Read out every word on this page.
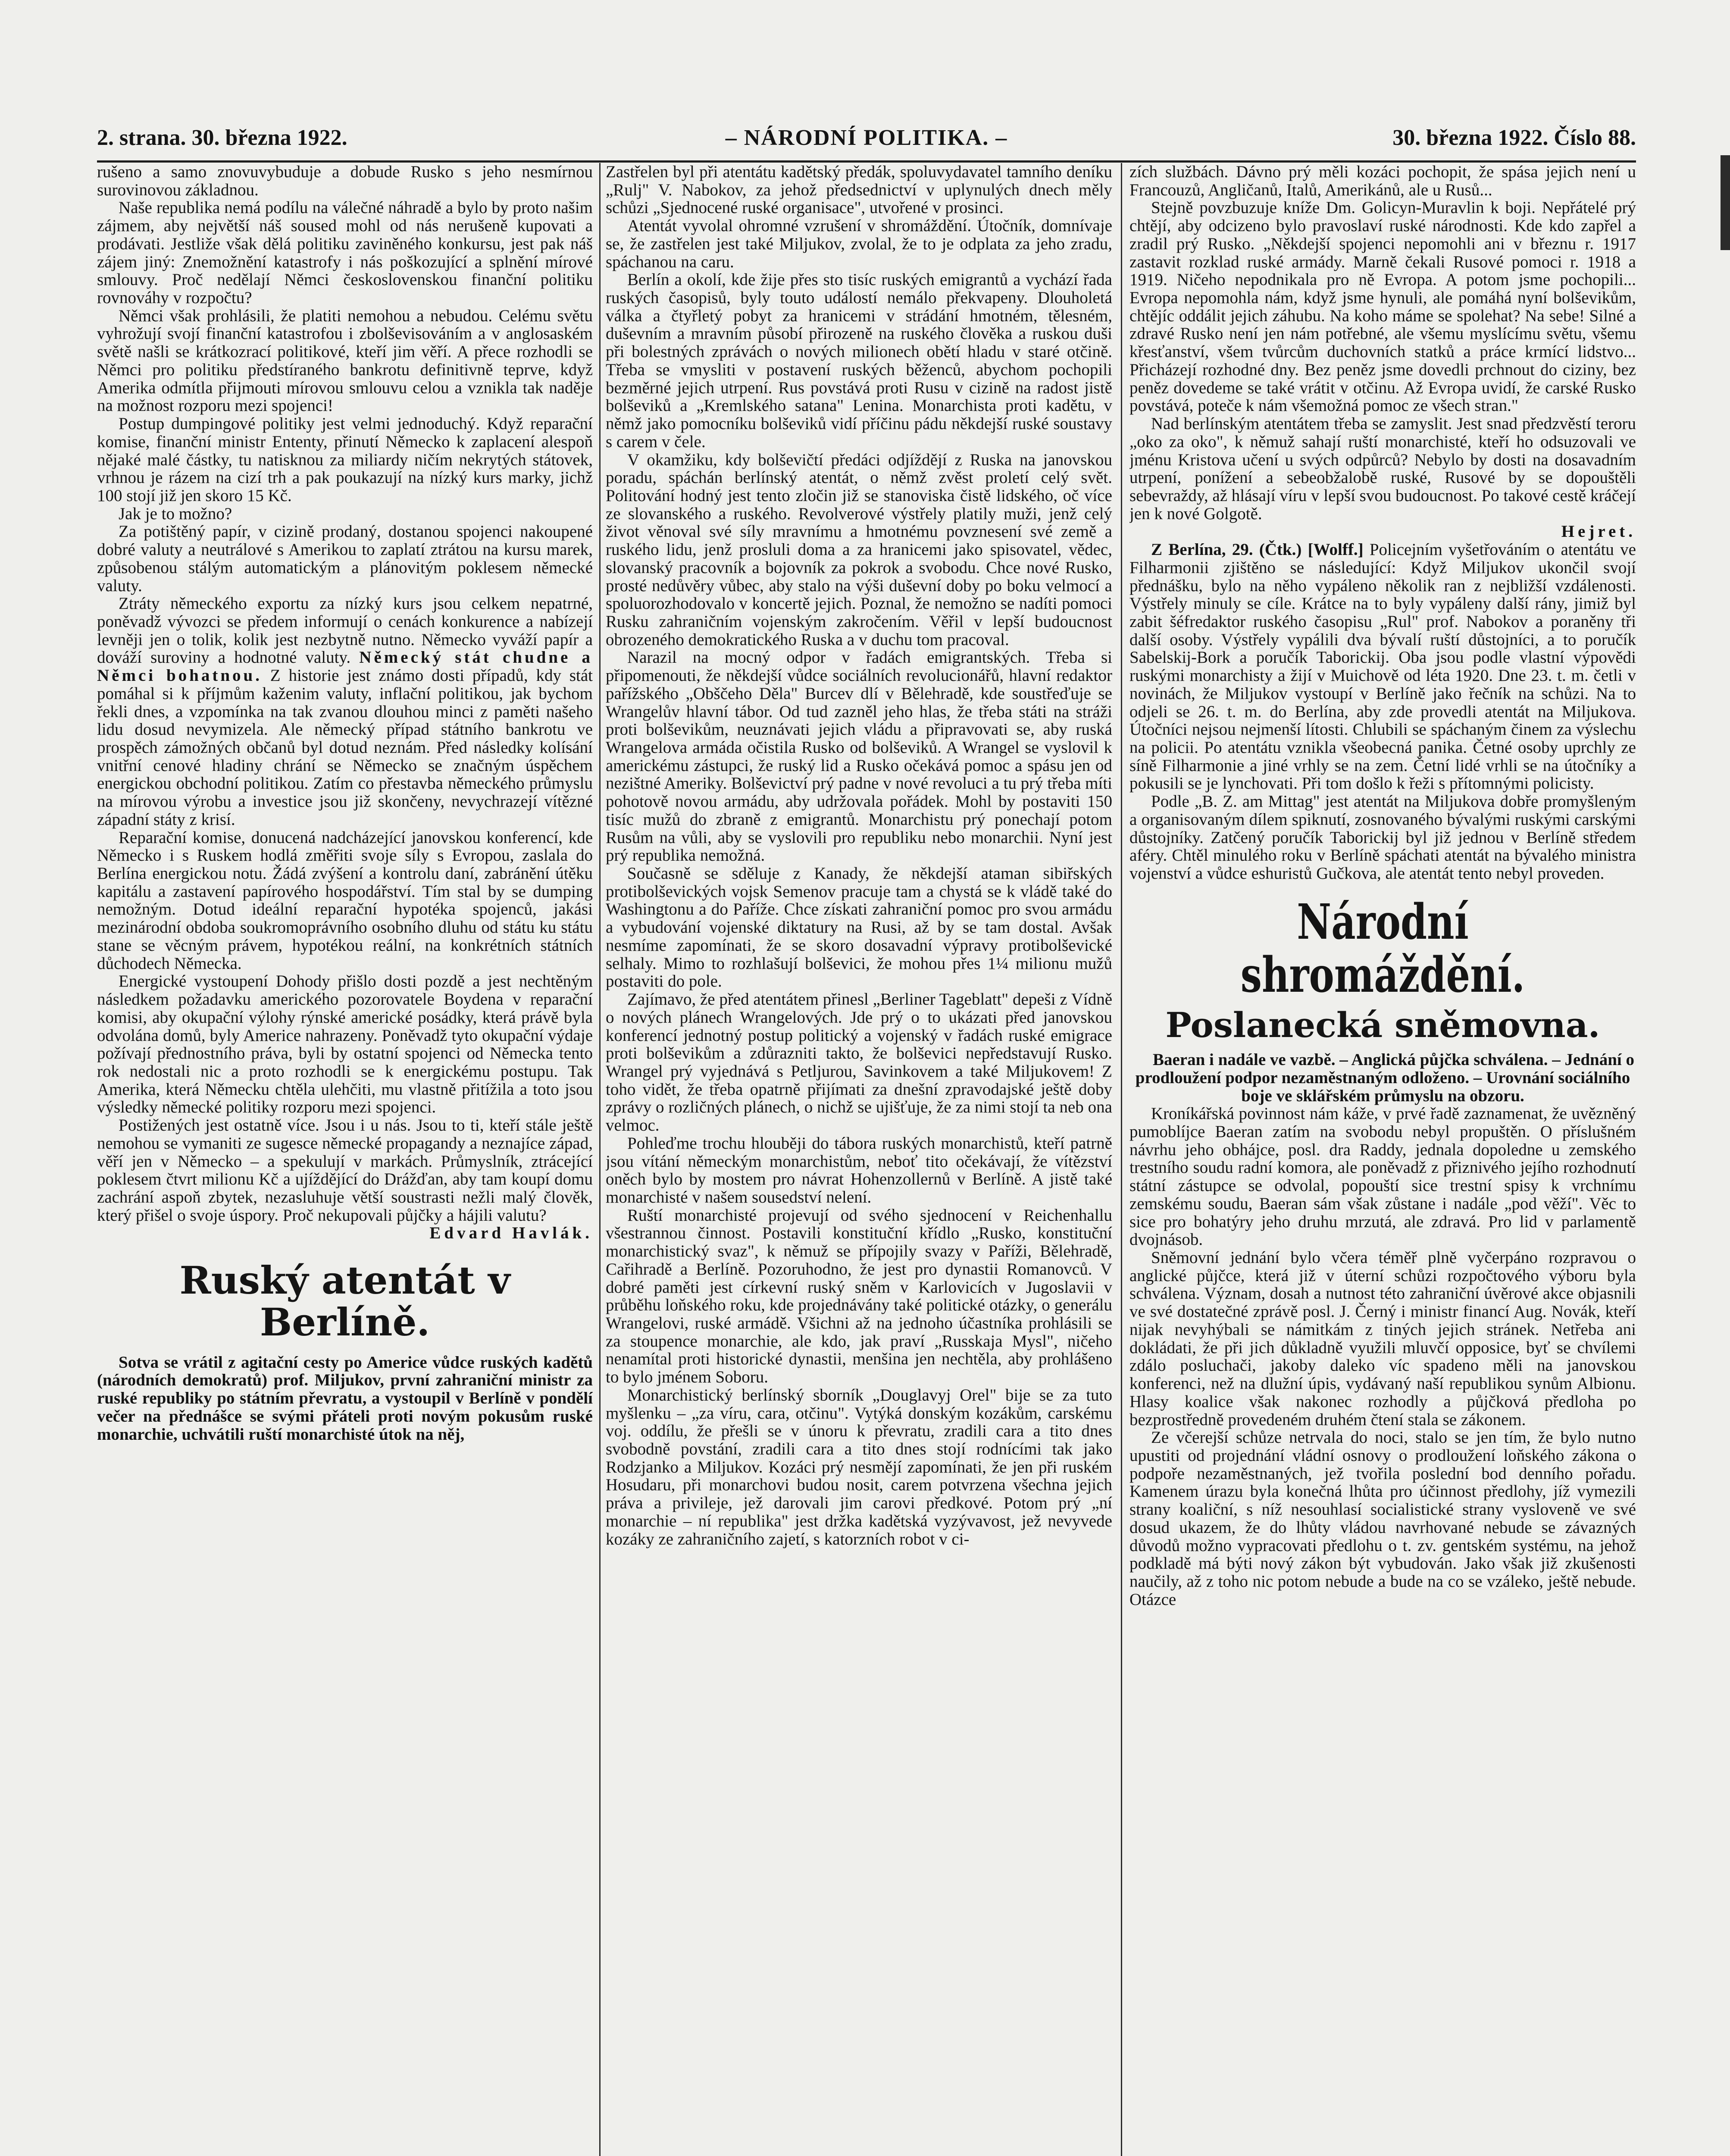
2. strana. 30. března 1922.	– NÁRODNÍ POLITIKA. –	30. března 1922. Číslo 88.

rušeno a samo znovuvybuduje a dobude Rusko s jeho nesmírnou surovinovou základnou.

Naše republika nemá podílu na válečné náhradě a bylo by proto našim zájmem, aby největší náš soused mohl od nás nerušeně kupovati a prodávati. Jestliže však dělá politiku zaviněného konkursu, jest pak náš zájem jiný: Znemožnění katastrofy i nás poškozující a splnění mírové smlouvy. Proč nedělají Němci československou finanční politiku rovnováhy v rozpočtu?

Němci však prohlásili, že platiti nemohou a nebudou. Celému světu vyhrožují svojí finanční katastrofou i zbolševisováním a v anglosaském světě našli se krátkozrací politikové, kteří jim věří. A přece rozhodli se Němci pro politiku předstíraného bankrotu definitivně teprve, když Amerika odmítla přijmouti mírovou smlouvu celou a vznikla tak naděje na možnost rozporu mezi spojenci!

Postup dumpingové politiky jest velmi jednoduchý. Když reparační komise, finanční ministr Ententy, přinutí Německo k zaplacení alespoň nějaké malé částky, tu natisknou za miliardy ničím nekrytých státovek, vrhnou je rázem na cizí trh a pak poukazují na nízký kurs marky, jichž 100 stojí již jen skoro 15 Kč.

Jak je to možno?

Za potištěný papír, v cizině prodaný, dostanou spojenci nakoupené dobré valuty a neutrálové s Amerikou to zaplatí ztrátou na kursu marek, způsobenou stálým automatickým a plánovitým poklesem německé valuty.

Ztráty německého exportu za nízký kurs jsou celkem nepatrné, poněvadž vývozci se předem informují o cenách konkurence a nabízejí levněji jen o tolik, kolik jest nezbytně nutno. Německo vyváží papír a dováží suroviny a hodnotné valuty. Německý stát chudne a Němci bohatnou. Z historie jest známo dosti případů, kdy stát pomáhal si k příjmům kaženim valuty, inflační politikou, jak bychom řekli dnes, a vzpomínka na tak zvanou dlouhou minci z paměti našeho lidu dosud nevymizela. Ale německý případ státního bankrotu ve prospěch zámožných občanů byl dotud neznám. Před následky kolísání vnitřní cenové hladiny chrání se Německo se značným úspěchem energickou obchodní politikou. Zatím co přestavba německého průmyslu na mírovou výrobu a investice jsou již skončeny, nevychrazejí vítězné západní státy z krisí.

Reparační komise, donucená nadcházející janovskou konferencí, kde Německo i s Ruskem hodlá změřiti svoje síly s Evropou, zaslala do Berlína energickou notu. Žádá zvýšení a kontrolu daní, zabránění útěku kapitálu a zastavení papírového hospodářství. Tím stal by se dumping nemožným. Dotud ideální reparační hypotéka spojenců, jakási mezinárodní obdoba soukromoprávního osobního dluhu od státu ku státu stane se věcným právem, hypotékou reální, na konkrétních státních důchodech Německa.

Energické vystoupení Dohody přišlo dosti pozdě a jest nechtěným následkem požadavku amerického pozorovatele Boydena v reparační komisi, aby okupační výlohy rýnské americké posádky, která právě byla odvolána domů, byly Americe nahrazeny. Poněvadž tyto okupační výdaje požívají přednostního práva, byli by ostatní spojenci od Německa tento rok nedostali nic a proto rozhodli se k energickému postupu. Tak Amerika, která Německu chtěla ulehčiti, mu vlastně přitížila a toto jsou výsledky německé politiky rozporu mezi spojenci.

Postižených jest ostatně více. Jsou i u nás. Jsou to ti, kteří stále ještě nemohou se vymaniti ze sugesce německé propagandy a neznajíce západ, věří jen v Německo – a spekulují v markách. Průmyslník, ztrácející poklesem čtvrt milionu Kč a ujíždějící do Drážďan, aby tam koupí domu zachrání aspoň zbytek, nezasluhuje větší soustrasti nežli malý člověk, který přišel o svoje úspory. Proč nekupovali půjčky a hájili valutu?

Edvard Havlák.

Ruský atentát v Berlíně.

Sotva se vrátil z agitační cesty po Americe vůdce ruských kadětů (národních demokratů) prof. Miljukov, první zahraniční ministr za ruské republiky po státním převratu, a vystoupil v Berlíně v pondělí večer na přednášce se svými přáteli proti novým pokusům ruské monarchie, uchvátili ruští monarchisté útok na něj,

Zastřelen byl při atentátu kadětský předák, spoluvydavatel tamního deníku „Rulj" V. Nabokov, za jehož předsednictví v uplynulých dnech měly schůzi „Sjednocené ruské organisace", utvořené v prosinci.

Atentát vyvolal ohromné vzrušení v shromáždění. Útočník, domnívaje se, že zastřelen jest také Miljukov, zvolal, že to je odplata za jeho zradu, spáchanou na caru.

Berlín a okolí, kde žije přes sto tisíc ruských emigrantů a vychází řada ruských časopisů, byly touto událostí nemálo překvapeny. Dlouholetá válka a čtyřletý pobyt za hranicemi v strádání hmotném, tělesném, duševním a mravním působí přirozeně na ruského člověka a ruskou duši při bolestných zprávách o nových milionech obětí hladu v staré otčině. Třeba se vmysliti v postavení ruských běženců, abychom pochopili bezměrné jejich utrpení. Rus povstává proti Rusu v cizině na radost jistě bolševiků a „Kremlského satana" Lenina. Monarchista proti kadětu, v němž jako pomocníku bolševiků vidí příčinu pádu někdejší ruské soustavy s carem v čele.

V okamžiku, kdy bolševičtí předáci odjíždějí z Ruska na janovskou poradu, spáchán berlínský atentát, o němž zvěst proletí celý svět. Politování hodný jest tento zločin již se stanoviska čistě lidského, oč více ze slovanského a ruského. Revolverové výstřely platily muži, jenž celý život věnoval své síly mravnímu a hmotnému povznesení své země a ruského lidu, jenž prosluli doma a za hranicemi jako spisovatel, vědec, slovanský pracovník a bojovník za pokrok a svobodu. Chce nové Rusko, prosté nedůvěry vůbec, aby stalo na výši duševní doby po boku velmocí a spoluorozhodovalo v koncertě jejich. Poznal, že nemožno se nadíti pomoci Rusku zahraničním vojenským zakročením. Věřil v lepší budoucnost obrozeného demokratického Ruska a v duchu tom pracoval.

Narazil na mocný odpor v řadách emigrantských. Třeba si připomenouti, že někdejší vůdce sociálních revolucionářů, hlavní redaktor pařížského „Obščeho Děla" Burcev dlí v Bělehradě, kde soustřeďuje se Wrangelův hlavní tábor. Od tud zazněl jeho hlas, že třeba státi na stráži proti bolševikům, neuznávati jejich vládu a připravovati se, aby ruská Wrangelova armáda očistila Rusko od bolševiků. A Wrangel se vyslovil k americkému zástupci, že ruský lid a Rusko očekává pomoc a spásu jen od nezištné Ameriky. Bolševictví prý padne v nové revoluci a tu prý třeba míti pohotově novou armádu, aby udržovala pořádek. Mohl by postaviti 150 tisíc mužů do zbraně z emigrantů. Monarchistu prý ponechají potom Rusům na vůli, aby se vyslovili pro republiku nebo monarchii. Nyní jest prý republika nemožná.

Současně se sděluje z Kanady, že někdejší ataman sibiřských protibolševických vojsk Semenov pracuje tam a chystá se k vládě také do Washingtonu a do Paříže. Chce získati zahraniční pomoc pro svou armádu a vybudování vojenské diktatury na Rusi, až by se tam dostal. Avšak nesmíme zapomínati, že se skoro dosavadní výpravy protibolševické selhaly. Mimo to rozhlašují bolševici, že mohou přes 1¼ milionu mužů postaviti do pole.

Zajímavo, že před atentátem přinesl „Berliner Tageblatt" depeši z Vídně o nových plánech Wrangelových. Jde prý o to ukázati před janovskou konferencí jednotný postup politický a vojenský v řadách ruské emigrace proti bolševikům a zdůrazniti takto, že bolševici nepředstavují Rusko. Wrangel prý vyjednává s Petljurou, Savinkovem a také Miljukovem! Z toho vidět, že třeba opatrně přijímati za dnešní zpravodajské ještě doby zprávy o rozličných plánech, o nichž se ujišťuje, že za nimi stojí ta neb ona velmoc.

Pohleďme trochu hlouběji do tábora ruských monarchistů, kteří patrně jsou vítání německým monarchistům, neboť tito očekávají, že vítězství oněch bylo by mostem pro návrat Hohenzollernů v Berlíně. A jistě také monarchisté v našem sousedství nelení.

Ruští monarchisté projevují od svého sjednocení v Reichenhallu všestrannou činnost. Postavili konstituční křídlo „Rusko, konstituční monarchistický svaz", k němuž se přípojily svazy v Paříži, Bělehradě, Cařihradě a Berlíně. Pozoruhodno, že jest pro dynastii Romanovců. V dobré paměti jest církevní ruský sněm v Karlovicích v Jugoslavii v průběhu loňského roku, kde projednávány také politické otázky, o generálu Wrangelovi, ruské armádě. Všichni až na jednoho účastníka prohlásili se za stoupence monarchie, ale kdo, jak praví „Russkaja Mysl", ničeho nenamítal proti historické dynastii, menšina jen nechtěla, aby prohlášeno to bylo jménem Soboru.

Monarchistický berlínský sborník „Douglavyj Orel" bije se za tuto myšlenku – „za víru, cara, otčinu". Vytýká donským kozákům, carskému voj. oddílu, že přešli se v únoru k převratu, zradili cara a tito dnes svobodně povstání, zradili cara a tito dnes stojí rodnícími tak jako Rodzjanko a Miljukov. Kozáci prý nesmějí zapomínati, že jen při ruském Hosudaru, při monarchovi budou nosit, carem potvrzena všechna jejich práva a privileje, jež darovali jim carovi předkové. Potom prý „ní monarchie – ní republika" jest držka kadětská vyzývavost, jež nevyvede kozáky ze zahraničního zajetí, s katorzních robot v ci-

zích službách. Dávno prý měli kozáci pochopit, že spása jejich není u Francouzů, Angličanů, Italů, Amerikánů, ale u Rusů...

Stejně povzbuzuje kníže Dm. Golicyn-Muravlin k boji. Nepřátelé prý chtějí, aby odcizeno bylo pravoslaví ruské národnosti. Kde kdo zapřel a zradil prý Rusko. „Někdejší spojenci nepomohli ani v březnu r. 1917 zastavit rozklad ruské armády. Marně čekali Rusové pomoci r. 1918 a 1919. Ničeho nepodnikala pro ně Evropa. A potom jsme pochopili... Evropa nepomohla nám, když jsme hynuli, ale pomáhá nyní bolševikům, chtějíc oddálit jejich záhubu. Na koho máme se spolehat? Na sebe! Silné a zdravé Rusko není jen nám potřebné, ale všemu myslícímu světu, všemu křesťanství, všem tvůrcům duchovních statků a práce krmící lidstvo... Přicházejí rozhodné dny. Bez peněz jsme dovedli prchnout do ciziny, bez peněz dovedeme se také vrátit v otčinu. Až Evropa uvidí, že carské Rusko povstává, poteče k nám všemožná pomoc ze všech stran."

Nad berlínským atentátem třeba se zamyslit. Jest snad předzvěstí teroru „oko za oko", k němuž sahají ruští monarchisté, kteří ho odsuzovali ve jménu Kristova učení u svých odpůrců? Nebylo by dosti na dosavadním utrpení, ponížení a sebeobžalobě ruské, Rusové by se dopouštěli sebevraždy, až hlásají víru v lepší svou budoucnost. Po takové cestě kráčejí jen k nové Golgotě.

Hejret.

Z Berlína, 29. (Čtk.) [Wolff.] Policejním vyšetřováním o atentátu ve Filharmonii zjištěno se následující: Když Miljukov ukončil svojí přednášku, bylo na něho vypáleno několik ran z nejbližší vzdálenosti. Výstřely minuly se cíle. Krátce na to byly vypáleny další rány, jimiž byl zabit šéfredaktor ruského časopisu „Rul" prof. Nabokov a poraněny tři další osoby. Výstřely vypálili dva bývalí ruští důstojníci, a to poručík Sabelskij-Bork a poručík Taborickij. Oba jsou podle vlastní výpovědi ruskými monarchisty a žijí v Muichově od léta 1920. Dne 23. t. m. četli v novinách, že Miljukov vystoupí v Berlíně jako řečník na schůzi. Na to odjeli se 26. t. m. do Berlína, aby zde provedli atentát na Miljukova. Útočníci nejsou nejmenší lítosti. Chlubili se spáchaným činem za výslechu na policii. Po atentátu vznikla všeobecná panika. Četné osoby uprchly ze síně Filharmonie a jiné vrhly se na zem. Četní lidé vrhli se na útočníky a pokusili se je lynchovati. Při tom došlo k řeži s přítomnými policisty.

Podle „B. Z. am Mittag" jest atentát na Miljukova dobře promyšleným a organisovaným dílem spiknutí, zosnovaného bývalými ruskými carskými důstojníky. Zatčený poručík Taborickij byl již jednou v Berlíně středem aféry. Chtěl minulého roku v Berlíně spáchati atentát na bývalého ministra vojenství a vůdce eshuristů Gučkova, ale atentát tento nebyl proveden.

Národní shromáždění.
Poslanecká sněmovna.

Baeran i nadále ve vazbě. – Anglická půjčka schválena. – Jednání o prodloužení podpor nezaměstnaným odloženo. – Urovnání sociálního boje ve sklářském průmyslu na obzoru.

Kroníkářská povinnost nám káže, v prvé řadě zaznamenat, že uvězněný pumoblíjce Baeran zatím na svobodu nebyl propuštěn. O příslušném návrhu jeho obhájce, posl. dra Raddy, jednala dopoledne u zemského trestního soudu radní komora, ale poněvadž z přiznivého jejího rozhodnutí státní zástupce se odvolal, popouští sice trestní spisy k vrchnímu zemskému soudu, Baeran sám však zůstane i nadále „pod věží". Věc to sice pro bohatýry jeho druhu mrzutá, ale zdravá. Pro lid v parlamentě dvojnásob.

Sněmovní jednání bylo včera téměř plně vyčerpáno rozpravou o anglické půjčce, která již v úterní schůzi rozpočtového výboru byla schválena. Význam, dosah a nutnost této zahraniční úvěrové akce objasnili ve své dostatečné zprávě posl. J. Černý i ministr financí Aug. Novák, kteří nijak nevyhýbali se námitkám z tiných jejich stránek. Netřeba ani dokládati, že při jich důkladně využili mluvčí opposice, byť se chvílemi zdálo posluchači, jakoby daleko víc spadeno měli na janovskou konferenci, než na dlužní úpis, vydávaný naší republikou synům Albionu. Hlasy koalice však nakonec rozhodly a půjčková předloha po bezprostředně provedeném druhém čtení stala se zákonem.

Ze včerejší schůze netrvala do noci, stalo se jen tím, že bylo nutno upustiti od projednání vládní osnovy o prodloužení loňského zákona o podpoře nezaměstnaných, jež tvořila poslední bod denního pořadu. Kamenem úrazu byla konečná lhůta pro účinnost předlohy, jíž vymezili strany koaliční, s níž nesouhlasí socialistické strany vysloveně ve své dosud ukazem, že do lhůty vládou navrhované nebude se závazných důvodů možno vypracovati předlohu o t. zv. gentském systému, na jehož podkladě má býti nový zákon být vybudován. Jako však již zkušenosti naučily, až z toho nic potom nebude a bude na co se vzáleko, ještě nebude. Otázce
